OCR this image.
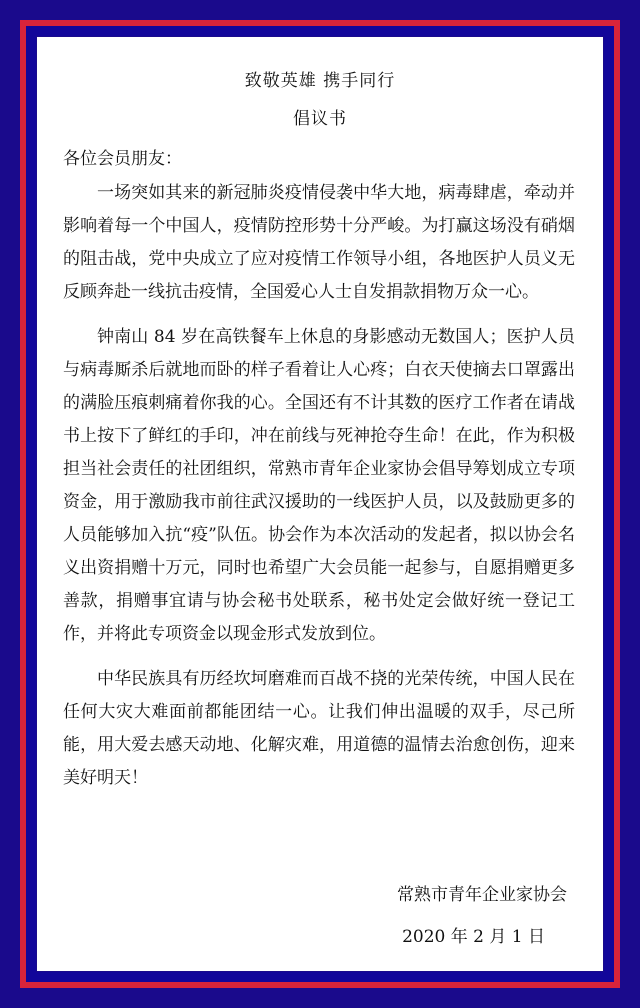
致敬英雄 携手同行
倡议书
各位会员朋友：

一场突如其来的新冠肺炎疫情侵袭中华大地，病毒肆虐，牵动并影响着每一个中国人，疫情防控形势十分严峻。为打赢这场没有硝烟的阻击战，党中央成立了应对疫情工作领导小组，各地医护人员义无反顾奔赴一线抗击疫情，全国爱心人士自发捐款捐物万众一心。

钟南山 84 岁在高铁餐车上休息的身影感动无数国人；医护人员与病毒厮杀后就地而卧的样子看着让人心疼；白衣天使摘去口罩露出的满脸压痕刺痛着你我的心。全国还有不计其数的医疗工作者在请战书上按下了鲜红的手印，冲在前线与死神抢夺生命！在此，作为积极担当社会责任的社团组织，常熟市青年企业家协会倡导筹划成立专项资金，用于激励我市前往武汉援助的一线医护人员，以及鼓励更多的人员能够加入抗“疫”队伍。协会作为本次活动的发起者，拟以协会名义出资捐赠十万元，同时也希望广大会员能一起参与，自愿捐赠更多善款，捐赠事宜请与协会秘书处联系，秘书处定会做好统一登记工作，并将此专项资金以现金形式发放到位。

中华民族具有历经坎坷磨难而百战不挠的光荣传统，中国人民在任何大灾大难面前都能团结一心。让我们伸出温暖的双手，尽己所能，用大爱去感天动地、化解灾难，用道德的温情去治愈创伤，迎来美好明天！

常熟市青年企业家协会
2020 年 2 月 1 日
